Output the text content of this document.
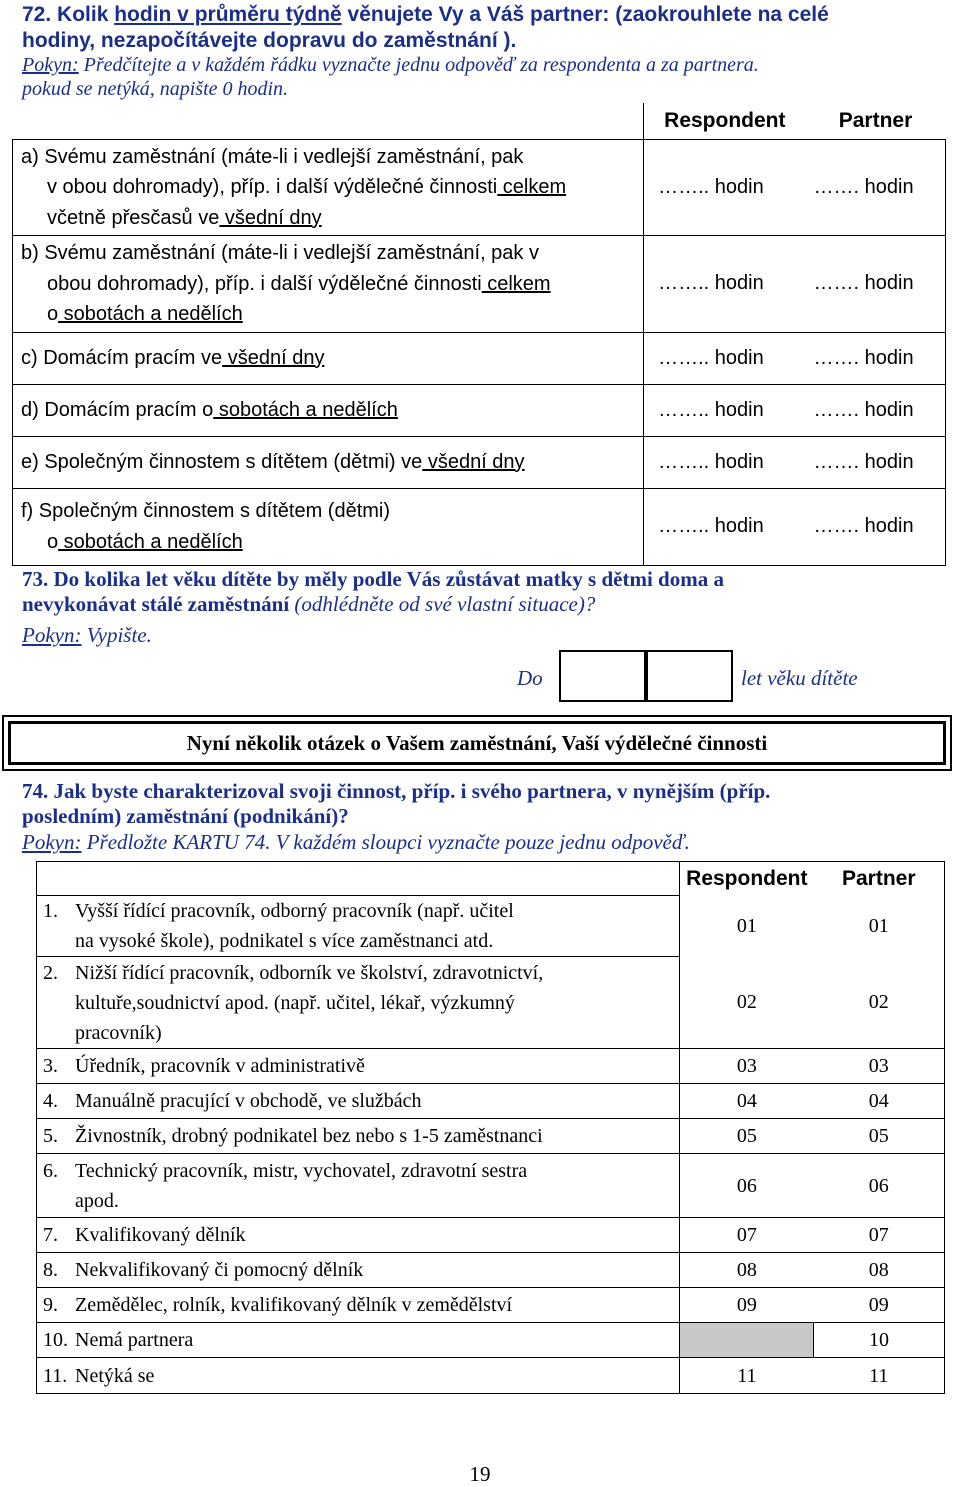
72. Kolik hodin v průměru týdně věnujete Vy a Váš partner: (zaokrouhlete na celé
hodiny, nezapočítávejte dopravu do zaměstnání ).
Pokyn: Předčítejte a v každém řádku vyznačte jednu odpověď za respondenta a za partnera.
pokud se netýká, napište 0 hodin.
	Respondent	Partner

a) Svému zaměstnání (máte-li i vedlejší zaměstnání, pak
v obou dohromady), příp. i další výdělečné činnosti celkem
včetně přesčasů ve všední dny	…….. hodin	……. hodin

b) Svému zaměstnání (máte-li i vedlejší zaměstnání, pak v
obou dohromady), příp. i další výdělečné činnosti celkem
o sobotách a nedělích	…….. hodin	……. hodin
c) Domácím pracím ve všední dny	…….. hodin	……. hodin
d) Domácím pracím o sobotách a nedělích	…….. hodin	……. hodin
e) Společným činnostem s dítětem (dětmi) ve všední dny	…….. hodin	……. hodin

f) Společným činnostem s dítětem (dětmi)
o sobotách a nedělích	…….. hodin	……. hodin
73. Do kolika let věku dítěte by měly podle Vás zůstávat matky s dětmi doma a
nevykonávat stálé zaměstnání (odhlédněte od své vlastní situace)?
Pokyn: Vypište.
Do	let věku dítěte
Nyní několik otázek o Vašem zaměstnání, Vaší výdělečné činnosti
74. Jak byste charakterizoval svoji činnost, příp. i svého partnera, v nynějším (příp.
posledním) zaměstnání (podnikání)?
Pokyn: Předložte KARTU 74. V každém sloupci vyznačte pouze jednu odpověď.
	Respondent	Partner
1. Vyšší řídící pracovník, odborný pracovník (např. učitel
na vysoké škole), podnikatel s více zaměstnanci atd.	01	01
2. Nižší řídící pracovník, odborník ve školství, zdravotnictví,
kultuře,soudnictví apod. (např. učitel, lékař, výzkumný
pracovník)	02	02
3. Úředník, pracovník v administrativě	03	03
4. Manuálně pracující v obchodě, ve službách	04	04
5. Živnostník, drobný podnikatel bez nebo s 1-5 zaměstnanci	05	05
6. Technický pracovník, mistr, vychovatel, zdravotní sestra
apod.	06	06
7. Kvalifikovaný dělník	07	07
8. Nekvalifikovaný či pomocný dělník	08	08
9. Zemědělec, rolník, kvalifikovaný dělník v zemědělství	09	09
10. Nemá partnera		10
11. Netýká se	11	11
19
